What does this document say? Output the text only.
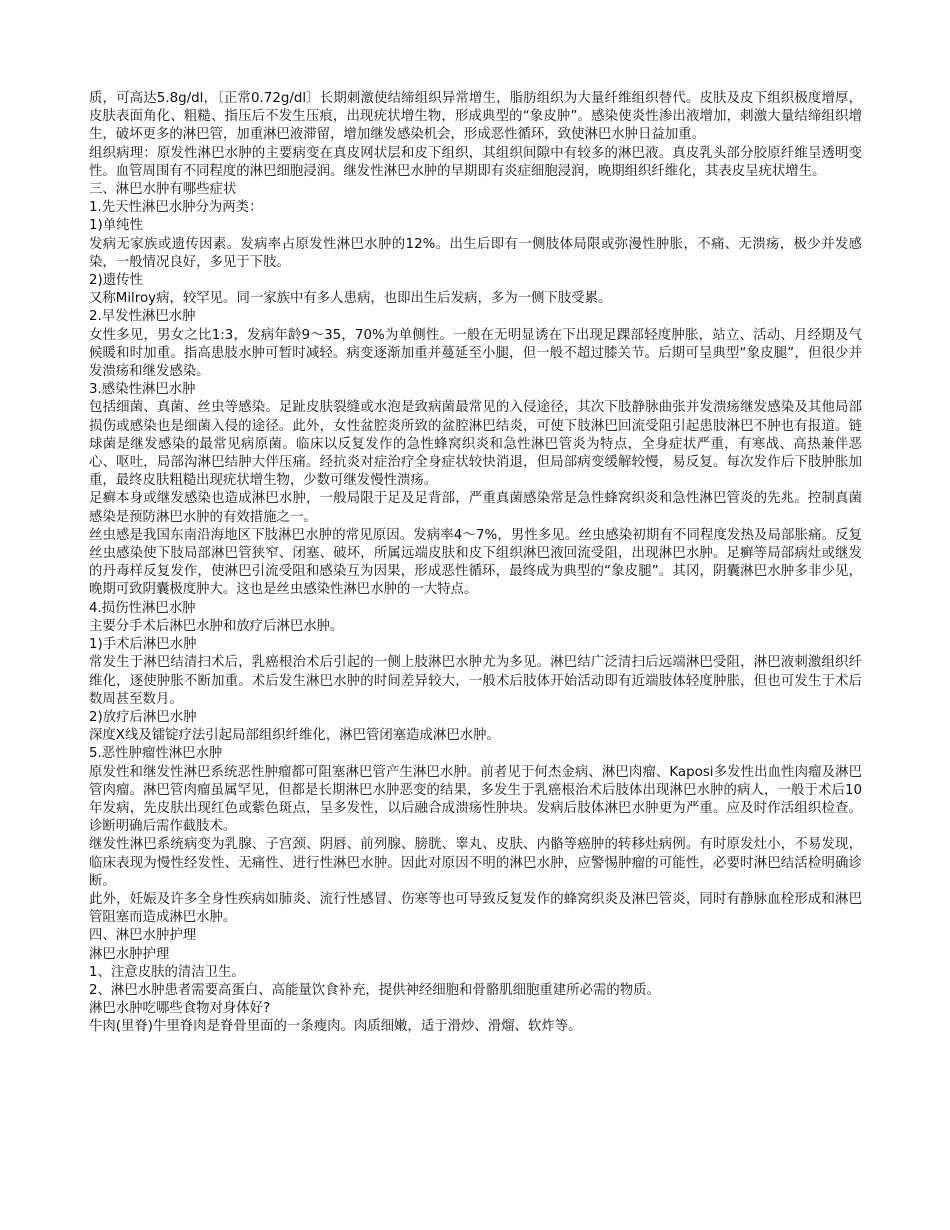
质，可高达5.8g/dl，〔正常0.72g/dl〕长期刺激使结缔组织异常增生，脂肪组织为大量纤维组织替代。皮肤及皮下组织极度增厚，皮肤表面角化、粗糙、指压后不发生压痕，出现疣状增生物，形成典型的“象皮肿”。感染使炎性渗出液增加，刺激大量结缔组织增生，破坏更多的淋巴管，加重淋巴液滞留，增加继发感染机会，形成恶性循环，致使淋巴水肿日益加重。

组织病理：原发性淋巴水肿的主要病变在真皮网状层和皮下组织，其组织间隙中有较多的淋巴液。真皮乳头部分胶原纤维呈透明变性。血管周围有不同程度的淋巴细胞浸润。继发性淋巴水肿的早期即有炎症细胞浸润，晚期组织纤维化，其表皮呈疣状增生。

三、淋巴水肿有哪些症状

1.先天性淋巴水肿分为两类：

1)单纯性

发病无家族或遗传因素。发病率占原发性淋巴水肿的12%。出生后即有一侧肢体局限或弥漫性肿胀，不痛、无溃疡，极少并发感染，一般情况良好，多见于下肢。

2)遗传性

又称Milroy病，较罕见。同一家族中有多人患病，也即出生后发病，多为一侧下肢受累。

2.早发性淋巴水肿

女性多见，男女之比1:3，发病年龄9～35，70%为单侧性。一般在无明显诱在下出现足踝部轻度肿胀，站立、活动、月经期及气候暖和时加重。指高患肢水肿可暂时减轻。病变逐渐加重并蔓延至小腿，但一般不超过膝关节。后期可呈典型“象皮腿”，但很少并发溃疡和继发感染。

3.感染性淋巴水肿

包括细菌、真菌、丝虫等感染。足趾皮肤裂缝或水泡是致病菌最常见的入侵途径，其次下肢静脉曲张并发溃疡继发感染及其他局部损伤或感染也是细菌入侵的途径。此外，女性盆腔炎所致的盆腔淋巴结炎，可使下肢淋巴回流受阻引起患肢淋巴不肿也有报道。链球菌是继发感染的最常见病原菌。临床以反复发作的急性蜂窝织炎和急性淋巴管炎为特点，全身症状严重，有寒战、高热兼伴恶心、呕吐，局部沟淋巴结肿大伴压痛。经抗炎对症治疗全身症状较快消退，但局部病变缓解较慢，易反复。每次发作后下肢肿胀加重，最终皮肤粗糙出现疣状增生物，少数可继发慢性溃疡。

足癣本身或继发感染也造成淋巴水肿，一般局限于足及足背部，严重真菌感染常是急性蜂窝织炎和急性淋巴管炎的先兆。控制真菌感染是预防淋巴水肿的有效措施之一。

丝虫感是我国东南沿海地区下肢淋巴水肿的常见原因。发病率4～7%，男性多见。丝虫感染初期有不同程度发热及局部胀痛。反复丝虫感染使下肢局部淋巴管狭窄、闭塞、破坏，所属远端皮肤和皮下组织淋巴液回流受阻，出现淋巴水肿。足癣等局部病灶或继发的丹毒样反复发作，使淋巴引流受阻和感染互为因果，形成恶性循环，最终成为典型的“象皮腿”。其冈，阴囊淋巴水肿多非少见，晚期可致阴囊极度肿大。这也是丝虫感染性淋巴水肿的一大特点。

4.损伤性淋巴水肿

主要分手术后淋巴水肿和放疗后淋巴水肿。

1)手术后淋巴水肿

常发生于淋巴结清扫术后，乳癌根治术后引起的一侧上肢淋巴水肿尤为多见。淋巴结广泛清扫后远端淋巴受阻，淋巴液刺激组织纤维化，逐使肿胀不断加重。术后发生淋巴水肿的时间差异较大，一般术后肢体开始活动即有近端肢体轻度肿胀，但也可发生于术后数周甚至数月。

2)放疗后淋巴水肿

深度X线及镭锭疗法引起局部组织纤维化，淋巴管闭塞造成淋巴水肿。

5.恶性肿瘤性淋巴水肿

原发性和继发性淋巴系统恶性肿瘤都可阻塞淋巴管产生淋巴水肿。前者见于何杰金病、淋巴肉瘤、Kaposi多发性出血性肉瘤及淋巴管肉瘤。淋巴管肉瘤虽属罕见，但都是长期淋巴水肿恶变的结果，多发生于乳癌根治术后肢体出现淋巴水肿的病人，一般于术后10年发病，先皮肤出现红色或紫色斑点，呈多发性，以后融合成溃疡性肿块。发病后肢体淋巴水肿更为严重。应及时作活组织检查。诊断明确后需作截肢术。

继发性淋巴系统病变为乳腺、子宫颈、阴唇、前列腺、膀胱、睾丸、皮肤、内骼等癌肿的转移灶病例。有时原发灶小，不易发现，临床表现为慢性经发性、无痛性、进行性淋巴水肿。因此对原因不明的淋巴水肿，应警惕肿瘤的可能性，必要时淋巴结活检明确诊断。

此外，妊娠及许多全身性疾病如肺炎、流行性感冒、伤寒等也可导致反复发作的蜂窝织炎及淋巴管炎，同时有静脉血栓形成和淋巴管阻塞而造成淋巴水肿。

四、淋巴水肿护理

淋巴水肿护理

1、注意皮肤的清洁卫生。

2、淋巴水肿患者需要高蛋白、高能量饮食补充，提供神经细胞和骨骼肌细胞重建所必需的物质。

淋巴水肿吃哪些食物对身体好?

牛肉(里脊)牛里脊肉是脊骨里面的一条瘦肉。肉质细嫩，适于滑炒、滑熘、软炸等。
